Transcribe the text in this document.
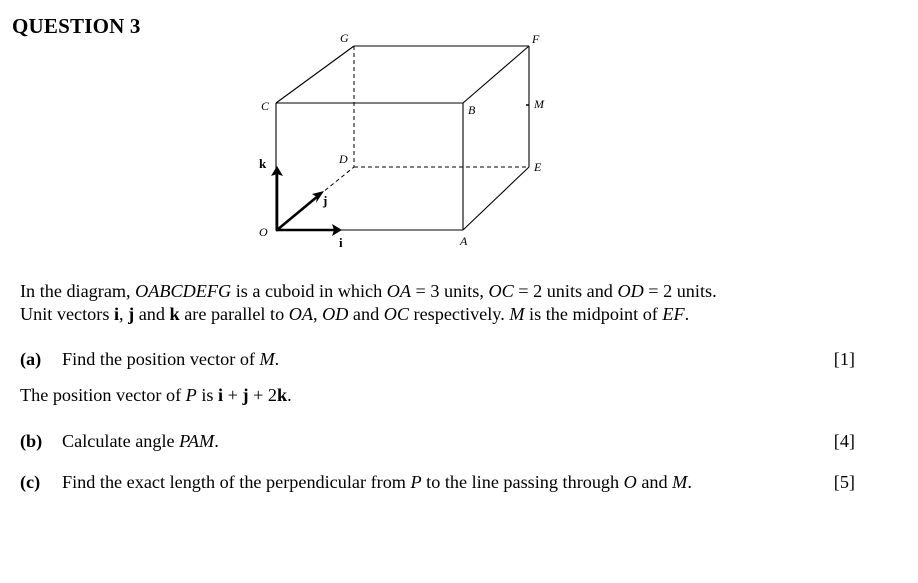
QUESTION 3	G	F
C	B	M
D
E
O
A
k
j
i
In the diagram, OABCDEFG is a cuboid in which OA = 3 units, OC = 2 units and OD = 2 units.
Unit vectors i, j and k are parallel to OA, OD and OC respectively. M is the midpoint of EF.
(a) Find the position vector of M.	[1]
The position vector of P is i + j + 2k.
(b) Calculate angle PAM.	[4]
(c) Find the exact length of the perpendicular from P to the line passing through O and M.	[5]
